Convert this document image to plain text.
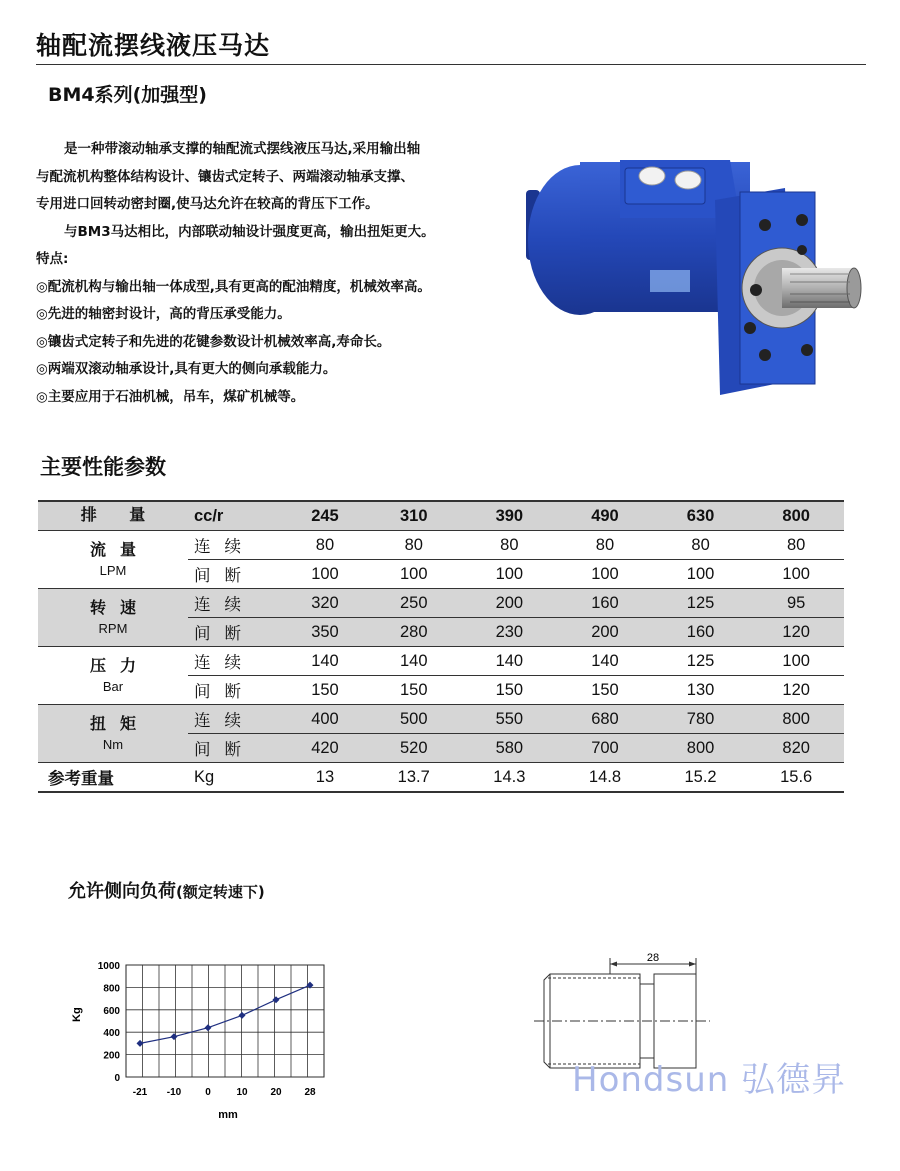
轴配流摆线液压马达
BM4系列(加强型)

是一种带滚动轴承支撑的轴配流式摆线液压马达,采用输出轴

与配流机构整体结构设计、镶齿式定转子、两端滚动轴承支撑、

专用进口回转动密封圈,使马达允许在较高的背压下工作。

与BM3马达相比，内部联动轴设计强度更高，输出扭矩更大。

特点:

◎配流机构与输出轴一体成型,具有更高的配油精度，机械效率高。

◎先进的轴密封设计，高的背压承受能力。

◎镶齿式定转子和先进的花键参数设计机械效率高,寿命长。

◎两端双滚动轴承设计,具有更大的侧向承载能力。

◎主要应用于石油机械，吊车，煤矿机械等。

主要性能参数
排 量	cc/r	245	310	390	490	630	800

流量
LPM	连续	80	80	80	80	80	80
	间断	100	100	100	100	100	100

转速
RPM	连续	320	250	200	160	125	95
	间断	350	280	230	200	160	120

压力
Bar	连续	140	140	140	140	125	100
	间断	150	150	150	150	130	120

扭矩
Nm	连续	400	500	550	680	780	800
	间断	420	520	580	700	800	820
参考重量	Kg	13	13.7	14.3	14.8	15.2	15.6
允许侧向负荷(额定转速下)
0
200
400
600
800
1000
-21 -10 0	10 20 28
Kg
mm
28
Hondsun 弘德昇
